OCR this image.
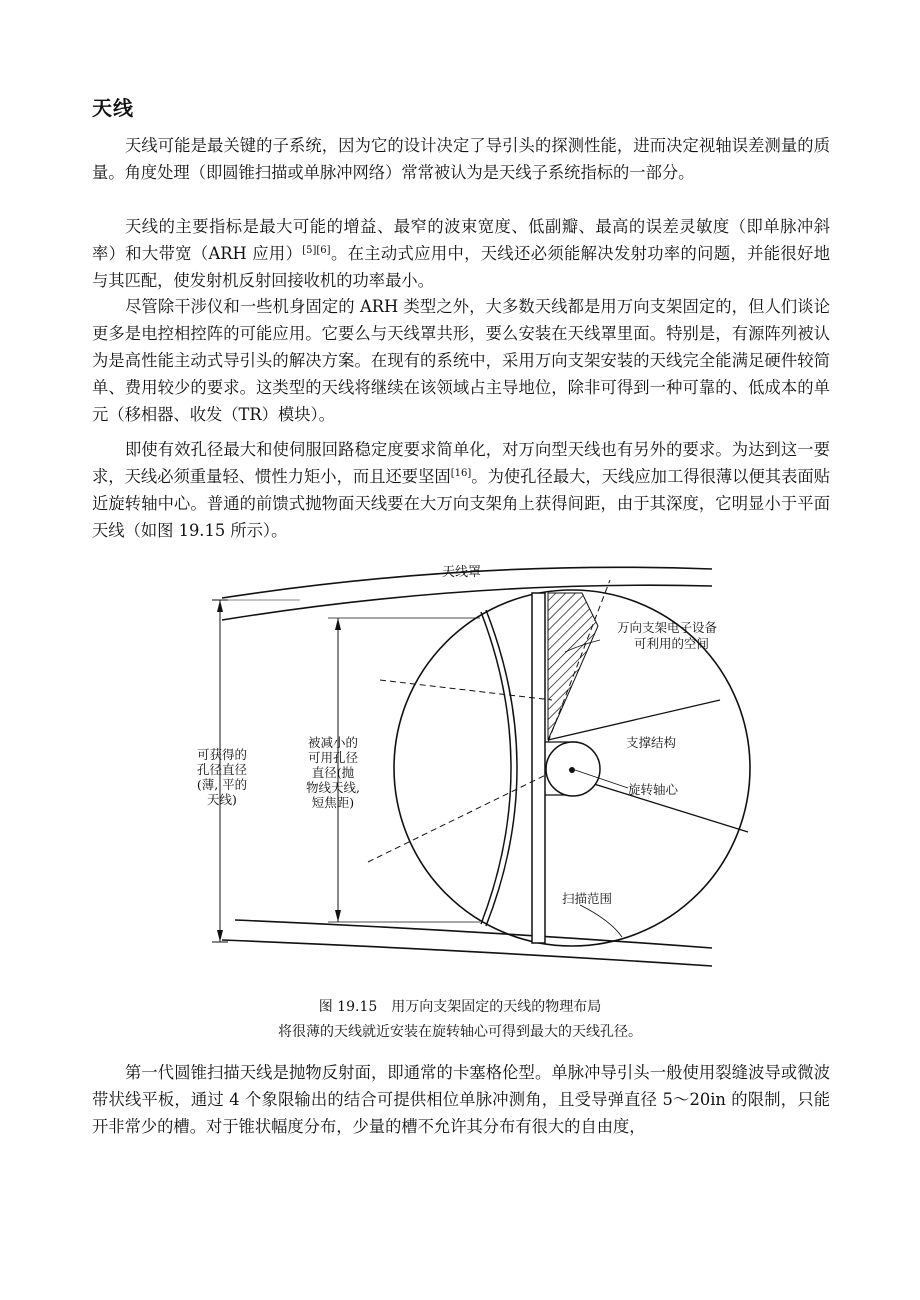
天线

天线可能是最关键的子系统，因为它的设计决定了导引头的探测性能，进而决定视轴误差测量的质量。角度处理（即圆锥扫描或单脉冲网络）常常被认为是天线子系统指标的一部分。

天线的主要指标是最大可能的增益、最窄的波束宽度、低副瓣、最高的误差灵敏度（即单脉冲斜率）和大带宽（ARH 应用）[5][6]。在主动式应用中，天线还必须能解决发射功率的问题，并能很好地与其匹配，使发射机反射回接收机的功率最小。

尽管除干涉仪和一些机身固定的 ARH 类型之外，大多数天线都是用万向支架固定的，但人们谈论更多是电控相控阵的可能应用。它要么与天线罩共形，要么安装在天线罩里面。特别是，有源阵列被认为是高性能主动式导引头的解决方案。在现有的系统中，采用万向支架安装的天线完全能满足硬件较简单、费用较少的要求。这类型的天线将继续在该领域占主导地位，除非可得到一种可靠的、低成本的单元（移相器、收发（TR）模块）。

即使有效孔径最大和使伺服回路稳定度要求简单化，对万向型天线也有另外的要求。为达到这一要求，天线必须重量轻、惯性力矩小，而且还要坚固[16]。为使孔径最大，天线应加工得很薄以便其表面贴近旋转轴中心。普通的前馈式抛物面天线要在大万向支架角上获得间距，由于其深度，它明显小于平面天线（如图 19.15 所示）。

天线罩
万向支架电子设备
可利用的空间
支撑结构
旋转轴心
扫描范围
可获得的
孔径直径
(薄, 平的
天线)
被减小的
可用孔径
直径(抛
物线天线,
短焦距)
图 19.15　用万向支架固定的天线的物理布局
将很薄的天线就近安装在旋转轴心可得到最大的天线孔径。

第一代圆锥扫描天线是抛物反射面，即通常的卡塞格伦型。单脉冲导引头一般使用裂缝波导或微波带状线平板，通过 4 个象限输出的结合可提供相位单脉冲测角，且受导弹直径 5～20in 的限制，只能开非常少的槽。对于锥状幅度分布，少量的槽不允许其分布有很大的自由度，
